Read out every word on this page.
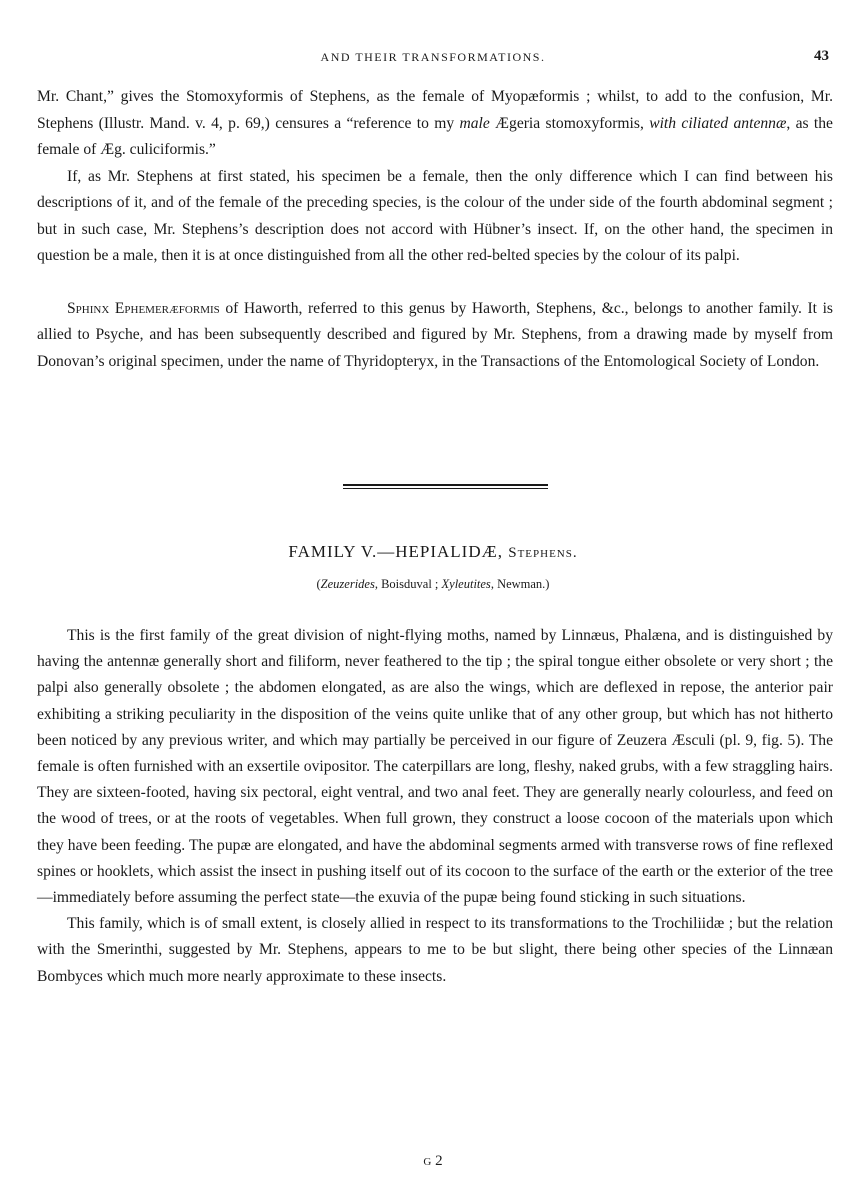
AND THEIR TRANSFORMATIONS.	43

Mr. Chant,” gives the Stomoxyformis of Stephens, as the female of Myopæformis ; whilst, to add to the confusion, Mr. Stephens (Illustr. Mand. v. 4, p. 69,) censures a “reference to my male Ægeria stomoxyformis, with ciliated antennæ, as the female of Æg. culiciformis.”

If, as Mr. Stephens at first stated, his specimen be a female, then the only difference which I can find between his descriptions of it, and of the female of the preceding species, is the colour of the under side of the fourth abdominal segment ; but in such case, Mr. Stephens’s description does not accord with Hübner’s insect. If, on the other hand, the specimen in question be a male, then it is at once distinguished from all the other red-belted species by the colour of its palpi.

Sphinx Ephemeræformis of Haworth, referred to this genus by Haworth, Stephens, &c., belongs to another family. It is allied to Psyche, and has been subsequently described and figured by Mr. Stephens, from a drawing made by myself from Donovan’s original specimen, under the name of Thyridopteryx, in the Transactions of the Entomological Society of London.

FAMILY V.—HEPIALIDÆ, Stephens.
(Zeuzerides, Boisduval ; Xyleutites, Newman.)

This is the first family of the great division of night-flying moths, named by Linnæus, Phalæna, and is distinguished by having the antennæ generally short and filiform, never feathered to the tip ; the spiral tongue either obsolete or very short ; the palpi also generally obsolete ; the abdomen elongated, as are also the wings, which are deflexed in repose, the anterior pair exhibiting a striking peculiarity in the disposition of the veins quite unlike that of any other group, but which has not hitherto been noticed by any previous writer, and which may partially be perceived in our figure of Zeuzera Æsculi (pl. 9, fig. 5). The female is often furnished with an exsertile ovipositor. The caterpillars are long, fleshy, naked grubs, with a few straggling hairs. They are sixteen-footed, having six pectoral, eight ventral, and two anal feet. They are generally nearly colourless, and feed on the wood of trees, or at the roots of vegetables. When full grown, they construct a loose cocoon of the materials upon which they have been feeding. The pupæ are elongated, and have the abdominal segments armed with transverse rows of fine reflexed spines or hooklets, which assist the insect in pushing itself out of its cocoon to the surface of the earth or the exterior of the tree—immediately before assuming the perfect state—the exuvia of the pupæ being found sticking in such situations.

This family, which is of small extent, is closely allied in respect to its transformations to the Trochiliidæ ; but the relation with the Smerinthi, suggested by Mr. Stephens, appears to me to be but slight, there being other species of the Linnæan Bombyces which much more nearly approximate to these insects.

G 2
